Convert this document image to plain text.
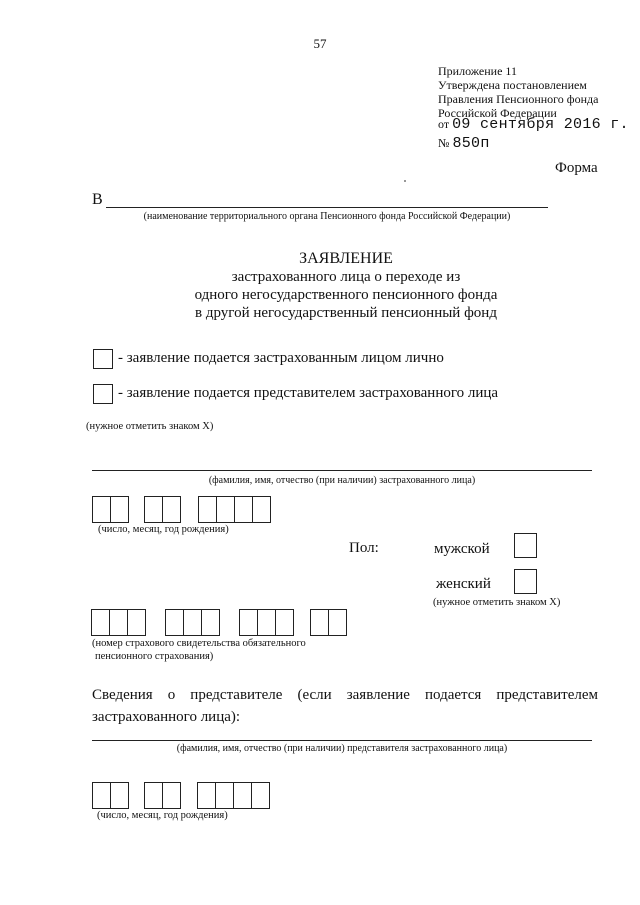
57
Приложение 11
Утверждена постановлением
Правления Пенсионного фонда
Российской Федерации
от 09 сентября 2016 г.
№ 850п
Форма
В
(наименование территориального органа Пенсионного фонда Российской Федерации)
ЗАЯВЛЕНИЕ
застрахованного лица о переходе из
одного негосударственного пенсионного фонда
в другой негосударственный пенсионный фонд
- заявление подается застрахованным лицом лично
- заявление подается представителем застрахованного лица
(нужное отметить знаком X)
(фамилия, имя, отчество (при наличии) застрахованного лица)
(число, месяц, год рождения)
Пол:	мужской
женский
(нужное отметить знаком X)
(номер страхового свидетельства обязательного
пенсионного страхования)
Сведения о представителе (если заявление подается представителем
застрахованного лица):
(фамилия, имя, отчество (при наличии) представителя застрахованного лица)
(число, месяц, год рождения)
